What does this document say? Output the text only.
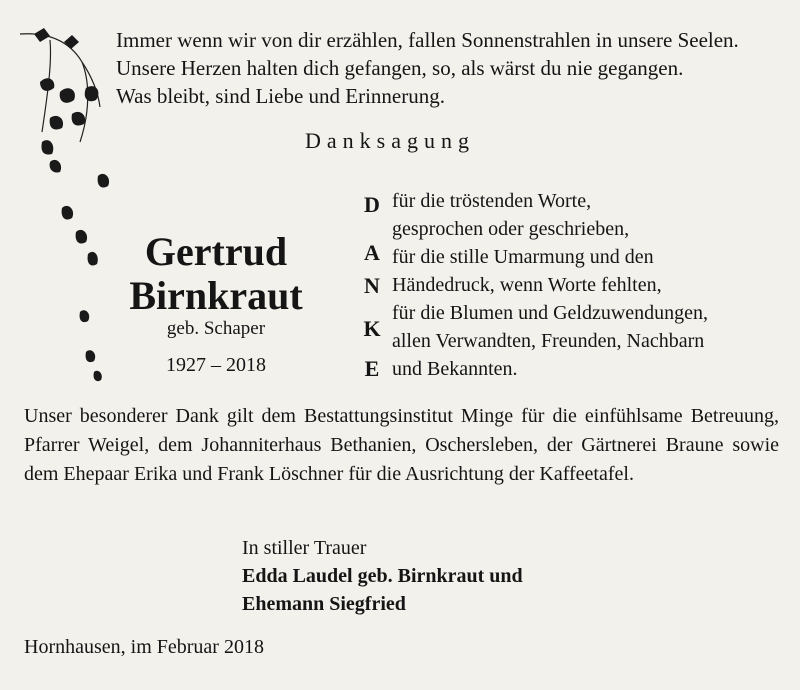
Immer wenn wir von dir erzählen, fallen Sonnenstrahlen in unsere Seelen.
Unsere Herzen halten dich gefangen, so, als wärst du nie gegangen.
Was bleibt, sind Liebe und Erinnerung.
Danksagung
Gertrud
Birnkraut
geb. Schaper
1927 – 2018
D
A
N
K
E
für die tröstenden Worte,
gesprochen oder geschrieben,
für die stille Umarmung und den
Händedruck, wenn Worte fehlten,
für die Blumen und Geldzuwendungen,
allen Verwandten, Freunden, Nachbarn
und Bekannten.
Unser besonderer Dank gilt dem Bestattungsinstitut Minge für die einfühlsame Betreuung, Pfarrer Weigel, dem Johanniterhaus Bethanien, Oschersleben, der Gärtnerei Braune sowie dem Ehepaar Erika und Frank Löschner für die Ausrichtung der Kaffeetafel.
In stiller Trauer
Edda Laudel geb. Birnkraut und
Ehemann Siegfried
Hornhausen, im Februar 2018
